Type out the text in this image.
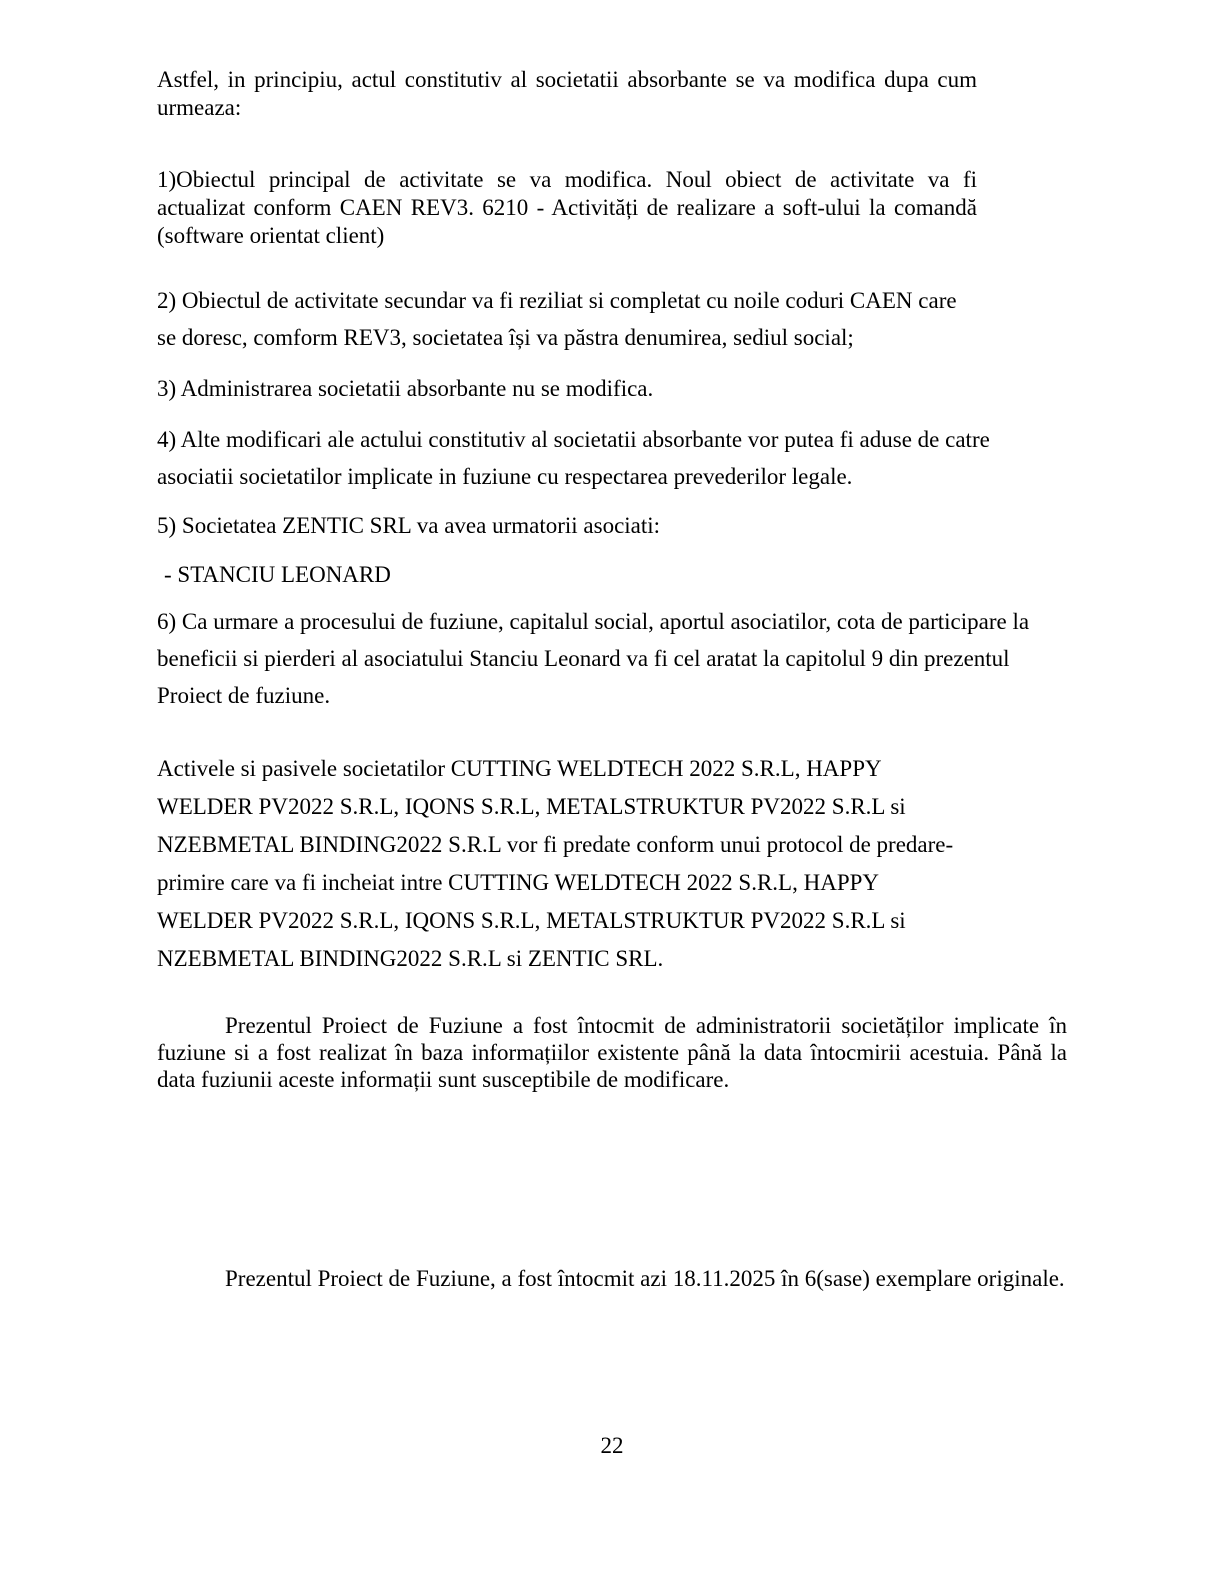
Astfel, in principiu, actul constitutiv al societatii absorbante se va modifica dupa cum urmeaza:

1)Obiectul principal de activitate se va modifica. Noul obiect de activitate va fi actualizat conform CAEN REV3. 6210 - Activități de realizare a soft-ului la comandă (software orientat client)

2) Obiectul de activitate secundar va fi reziliat si completat cu noile coduri CAEN care se doresc, comform REV3, societatea își va păstra denumirea, sediul social;

3) Administrarea societatii absorbante nu se modifica.

4) Alte modificari ale actului constitutiv al societatii absorbante vor putea fi aduse de catre asociatii societatilor implicate in fuziune cu respectarea prevederilor legale.

5) Societatea ZENTIC SRL va avea urmatorii asociati:

- STANCIU LEONARD

6) Ca urmare a procesului de fuziune, capitalul social, aportul asociatilor, cota de participare la beneficii si pierderi al asociatului Stanciu Leonard va fi cel aratat la capitolul 9 din prezentul Proiect de fuziune.

Activele si pasivele societatilor CUTTING WELDTECH 2022 S.R.L, HAPPY WELDER PV2022 S.R.L, IQONS S.R.L, METALSTRUKTUR PV2022 S.R.L si NZEBMETAL BINDING2022 S.R.L vor fi predate conform unui protocol de predare-primire care va fi incheiat intre CUTTING WELDTECH 2022 S.R.L, HAPPY WELDER PV2022 S.R.L, IQONS S.R.L, METALSTRUKTUR PV2022 S.R.L si NZEBMETAL BINDING2022 S.R.L si ZENTIC SRL.

Prezentul Proiect de Fuziune a fost întocmit de administratorii societăților implicate în fuziune si a fost realizat în baza informațiilor existente până la data întocmirii acestuia. Până la data fuziunii aceste informații sunt susceptibile de modificare.

Prezentul Proiect de Fuziune, a fost întocmit azi 18.11.2025 în 6(sase) exemplare originale.

22
